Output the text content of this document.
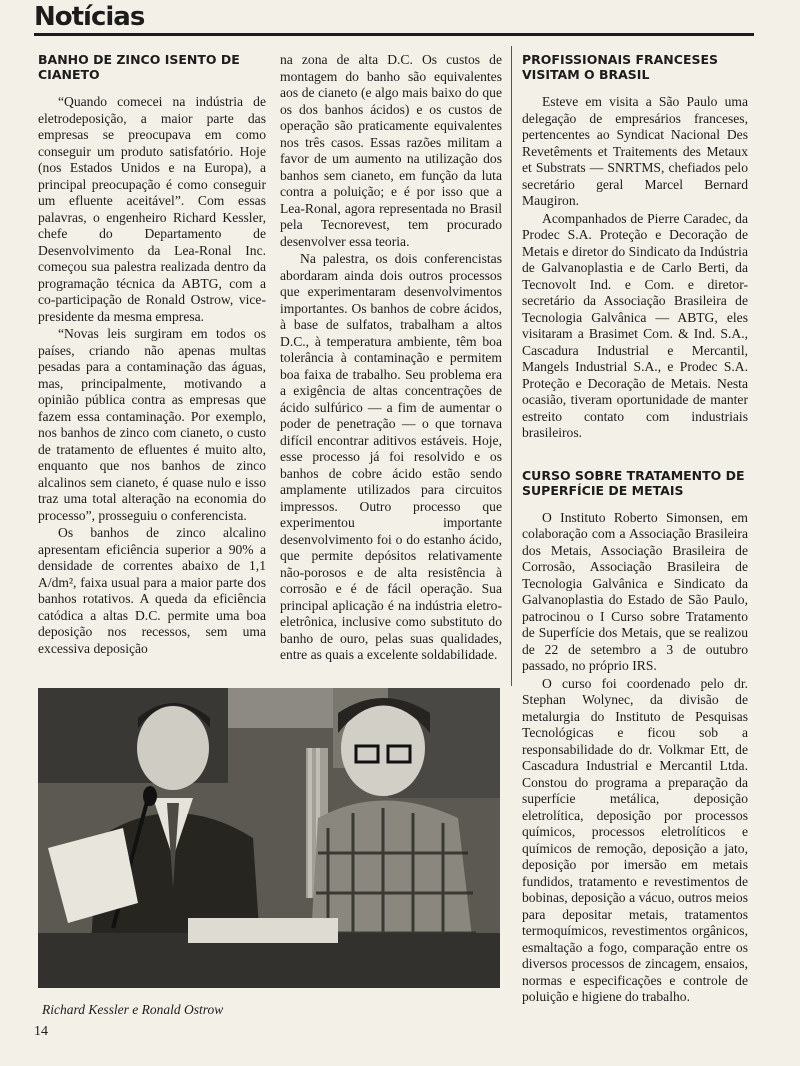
Notícias
BANHO DE ZINCO ISENTO DE CIANETO

“Quando comecei na indústria de eletrodeposição, a maior parte das empresas se preocupava em como conseguir um produto satisfatório. Hoje (nos Estados Unidos e na Europa), a principal preocupação é como conseguir um efluente aceitável”. Com essas palavras, o engenheiro Richard Kessler, chefe do Departamento de Desenvolvimento da Lea-Ronal Inc. começou sua palestra realizada dentro da programação técnica da ABTG, com a co-participação de Ronald Ostrow, vice-presidente da mesma empresa.

“Novas leis surgiram em todos os países, criando não apenas multas pesadas para a contaminação das águas, mas, principalmente, motivando a opinião pública contra as empresas que fazem essa contaminação. Por exemplo, nos banhos de zinco com cianeto, o custo de tratamento de efluentes é muito alto, enquanto que nos banhos de zinco alcalinos sem cianeto, é quase nulo e isso traz uma total alteração na economia do processo”, prosseguiu o conferencista.

Os banhos de zinco alcalino apresentam eficiência superior a 90% a densidade de correntes abaixo de 1,1 A/dm², faixa usual para a maior parte dos banhos rotativos. A queda da eficiência catódica a altas D.C. permite uma boa deposição nos recessos, sem uma excessiva deposição

na zona de alta D.C. Os custos de montagem do banho são equivalentes aos de cianeto (e algo mais baixo do que os dos banhos ácidos) e os custos de operação são praticamente equivalentes nos três casos. Essas razões militam a favor de um aumento na utilização dos banhos sem cianeto, em função da luta contra a poluição; e é por isso que a Lea-Ronal, agora representada no Brasil pela Tecnorevest, tem procurado desenvolver essa teoria.

Na palestra, os dois conferencistas abordaram ainda dois outros processos que experimentaram desenvolvimentos importantes. Os banhos de cobre ácidos, à base de sulfatos, trabalham a altos D.C., à temperatura ambiente, têm boa tolerância à contaminação e permitem boa faixa de trabalho. Seu problema era a exigência de altas concentrações de ácido sulfúrico — a fim de aumentar o poder de penetração — o que tornava difícil encontrar aditivos estáveis. Hoje, esse processo já foi resolvido e os banhos de cobre ácido estão sendo amplamente utilizados para circuitos impressos. Outro processo que experimentou importante desenvolvimento foi o do estanho ácido, que permite depósitos relativamente não-porosos e de alta resistência à corrosão e é de fácil operação. Sua principal aplicação é na indústria eletro-eletrônica, inclusive como substituto do banho de ouro, pelas suas qualidades, entre as quais a excelente soldabilidade.

PROFISSIONAIS FRANCESES VISITAM O BRASIL

Esteve em visita a São Paulo uma delegação de empresários franceses, pertencentes ao Syndicat Nacional Des Revetêments et Traitements des Metaux et Substrats — SNRTMS, chefiados pelo secretário geral Marcel Bernard Maugiron.

Acompanhados de Pierre Caradec, da Prodec S.A. Proteção e Decoração de Metais e diretor do Sindicato da Indústria de Galvanoplastia e de Carlo Berti, da Tecnovolt Ind. e Com. e diretor-secretário da Associação Brasileira de Tecnologia Galvânica — ABTG, eles visitaram a Brasimet Com. & Ind. S.A., Cascadura Industrial e Mercantil, Mangels Industrial S.A., e Prodec S.A. Proteção e Decoração de Metais. Nesta ocasião, tiveram oportunidade de manter estreito contato com industriais brasileiros.

CURSO SOBRE TRATAMENTO DE SUPERFÍCIE DE METAIS

O Instituto Roberto Simonsen, em colaboração com a Associação Brasileira dos Metais, Associação Brasileira de Corrosão, Associação Brasileira de Tecnologia Galvânica e Sindicato da Galvanoplastia do Estado de São Paulo, patrocinou o I Curso sobre Tratamento de Superfície dos Metais, que se realizou de 22 de setembro a 3 de outubro passado, no próprio IRS.

O curso foi coordenado pelo dr. Stephan Wolynec, da divisão de metalurgia do Instituto de Pesquisas Tecnológicas e ficou sob a responsabilidade do dr. Volkmar Ett, de Cascadura Industrial e Mercantil Ltda. Constou do programa a preparação da superfície metálica, deposição eletrolítica, deposição por processos químicos, processos eletrolíticos e químicos de remoção, deposição a jato, deposição por imersão em metais fundidos, tratamento e revestimentos de bobinas, deposição a vácuo, outros meios para depositar metais, tratamentos termoquímicos, revestimentos orgânicos, esmaltação a fogo, comparação entre os diversos processos de zincagem, ensaios, normas e especificações e controle de poluição e higiene do trabalho.

Richard Kessler e Ronald Ostrow
14
